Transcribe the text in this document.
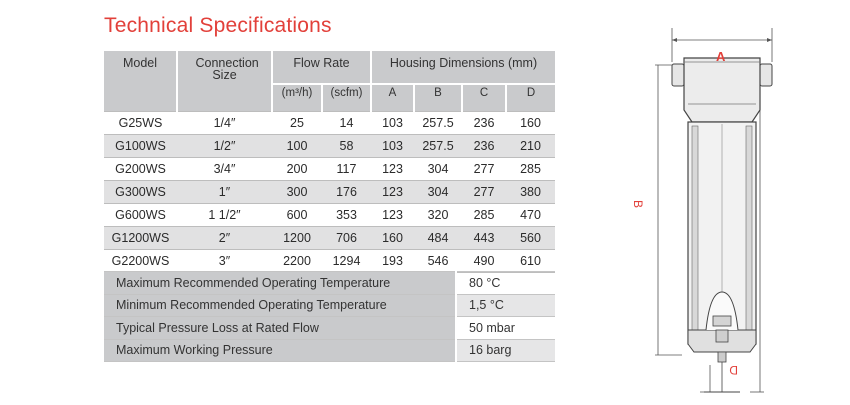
Technical Specifications
Model	Connection Size	Flow Rate		Housing Dimensions (mm)			
		(m³/h)	(scfm)	A	B	C	D
G25WS	1/4″	25	14	103	257.5	236	160
G100WS	1/2″	100	58	103	257.5	236	210
G200WS	3/4″	200	117	123	304	277	285
G300WS	1″	300	176	123	304	277	380
G600WS	1 1/2″	600	353	123	320	285	470
G1200WS	2″	1200	706	160	484	443	560
G2200WS	3″	2200	1294	193	546	490	610
Maximum Recommended Operating Temperature	80 °C
Minimum Recommended Operating Temperature	1,5 °C
Typical Pressure Loss at Rated Flow	50 mbar
Maximum Working Pressure	16 barg
A
B
D
